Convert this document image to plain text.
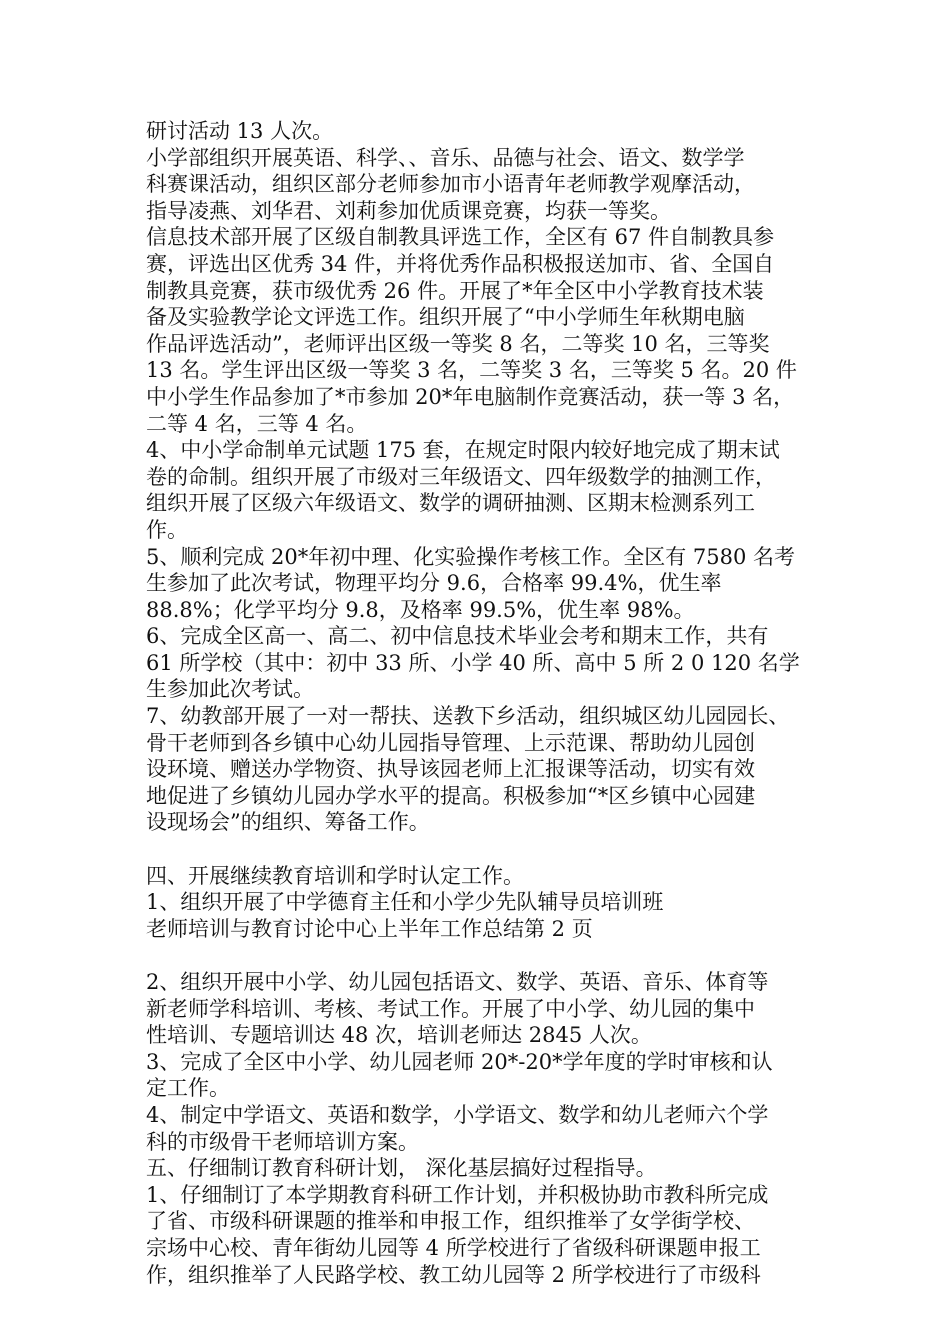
研讨活动 13 人次。
小学部组织开展英语、科学、、音乐、品德与社会、语文、数学学
科赛课活动，组织区部分老师参加市小语青年老师教学观摩活动，
指导凌燕、刘华君、刘莉参加优质课竞赛，均获一等奖。
信息技术部开展了区级自制教具评选工作，全区有 67 件自制教具参
赛，评选出区优秀 34 件，并将优秀作品积极报送加市、省、全国自
制教具竞赛，获市级优秀 26 件。开展了*年全区中小学教育技术装
备及实验教学论文评选工作。组织开展了“中小学师生年秋期电脑
作品评选活动”，老师评出区级一等奖 8 名，二等奖 10 名，三等奖
13 名。学生评出区级一等奖 3 名，二等奖 3 名，三等奖 5 名。20 件
中小学生作品参加了*市参加 20*年电脑制作竞赛活动，获一等 3 名，
二等 4 名，三等 4 名。
4、中小学命制单元试题 175 套，在规定时限内较好地完成了期末试
卷的命制。组织开展了市级对三年级语文、四年级数学的抽测工作，
组织开展了区级六年级语文、数学的调研抽测、区期末检测系列工
作。
5、顺利完成 20*年初中理、化实验操作考核工作。全区有 7580 名考
生参加了此次考试，物理平均分 9.6，合格率 99.4%，优生率
88.8%；化学平均分 9.8，及格率 99.5%，优生率 98%。
6、完成全区高一、高二、初中信息技术毕业会考和期末工作，共有
61 所学校（其中：初中 33 所、小学 40 所、高中 5 所 2 0 120 名学
生参加此次考试。
7、幼教部开展了一对一帮扶、送教下乡活动，组织城区幼儿园园长、
骨干老师到各乡镇中心幼儿园指导管理、上示范课、帮助幼儿园创
设环境、赠送办学物资、执导该园老师上汇报课等活动，切实有效
地促进了乡镇幼儿园办学水平的提高。积极参加“*区乡镇中心园建
设现场会”的组织、筹备工作。
四、开展继续教育培训和学时认定工作。
1、组织开展了中学德育主任和小学少先队辅导员培训班
老师培训与教育讨论中心上半年工作总结第 2 页
2、组织开展中小学、幼儿园包括语文、数学、英语、音乐、体育等
新老师学科培训、考核、考试工作。开展了中小学、幼儿园的集中
性培训、专题培训达 48 次，培训老师达 2845 人次。
3、完成了全区中小学、幼儿园老师 20*-20*学年度的学时审核和认
定工作。
4、制定中学语文、英语和数学，小学语文、数学和幼儿老师六个学
科的市级骨干老师培训方案。
五、仔细制订教育科研计划， 深化基层搞好过程指导。
1、仔细制订了本学期教育科研工作计划，并积极协助市教科所完成
了省、市级科研课题的推举和申报工作，组织推举了女学街学校、
宗场中心校、青年街幼儿园等 4 所学校进行了省级科研课题申报工
作，组织推举了人民路学校、教工幼儿园等 2 所学校进行了市级科
